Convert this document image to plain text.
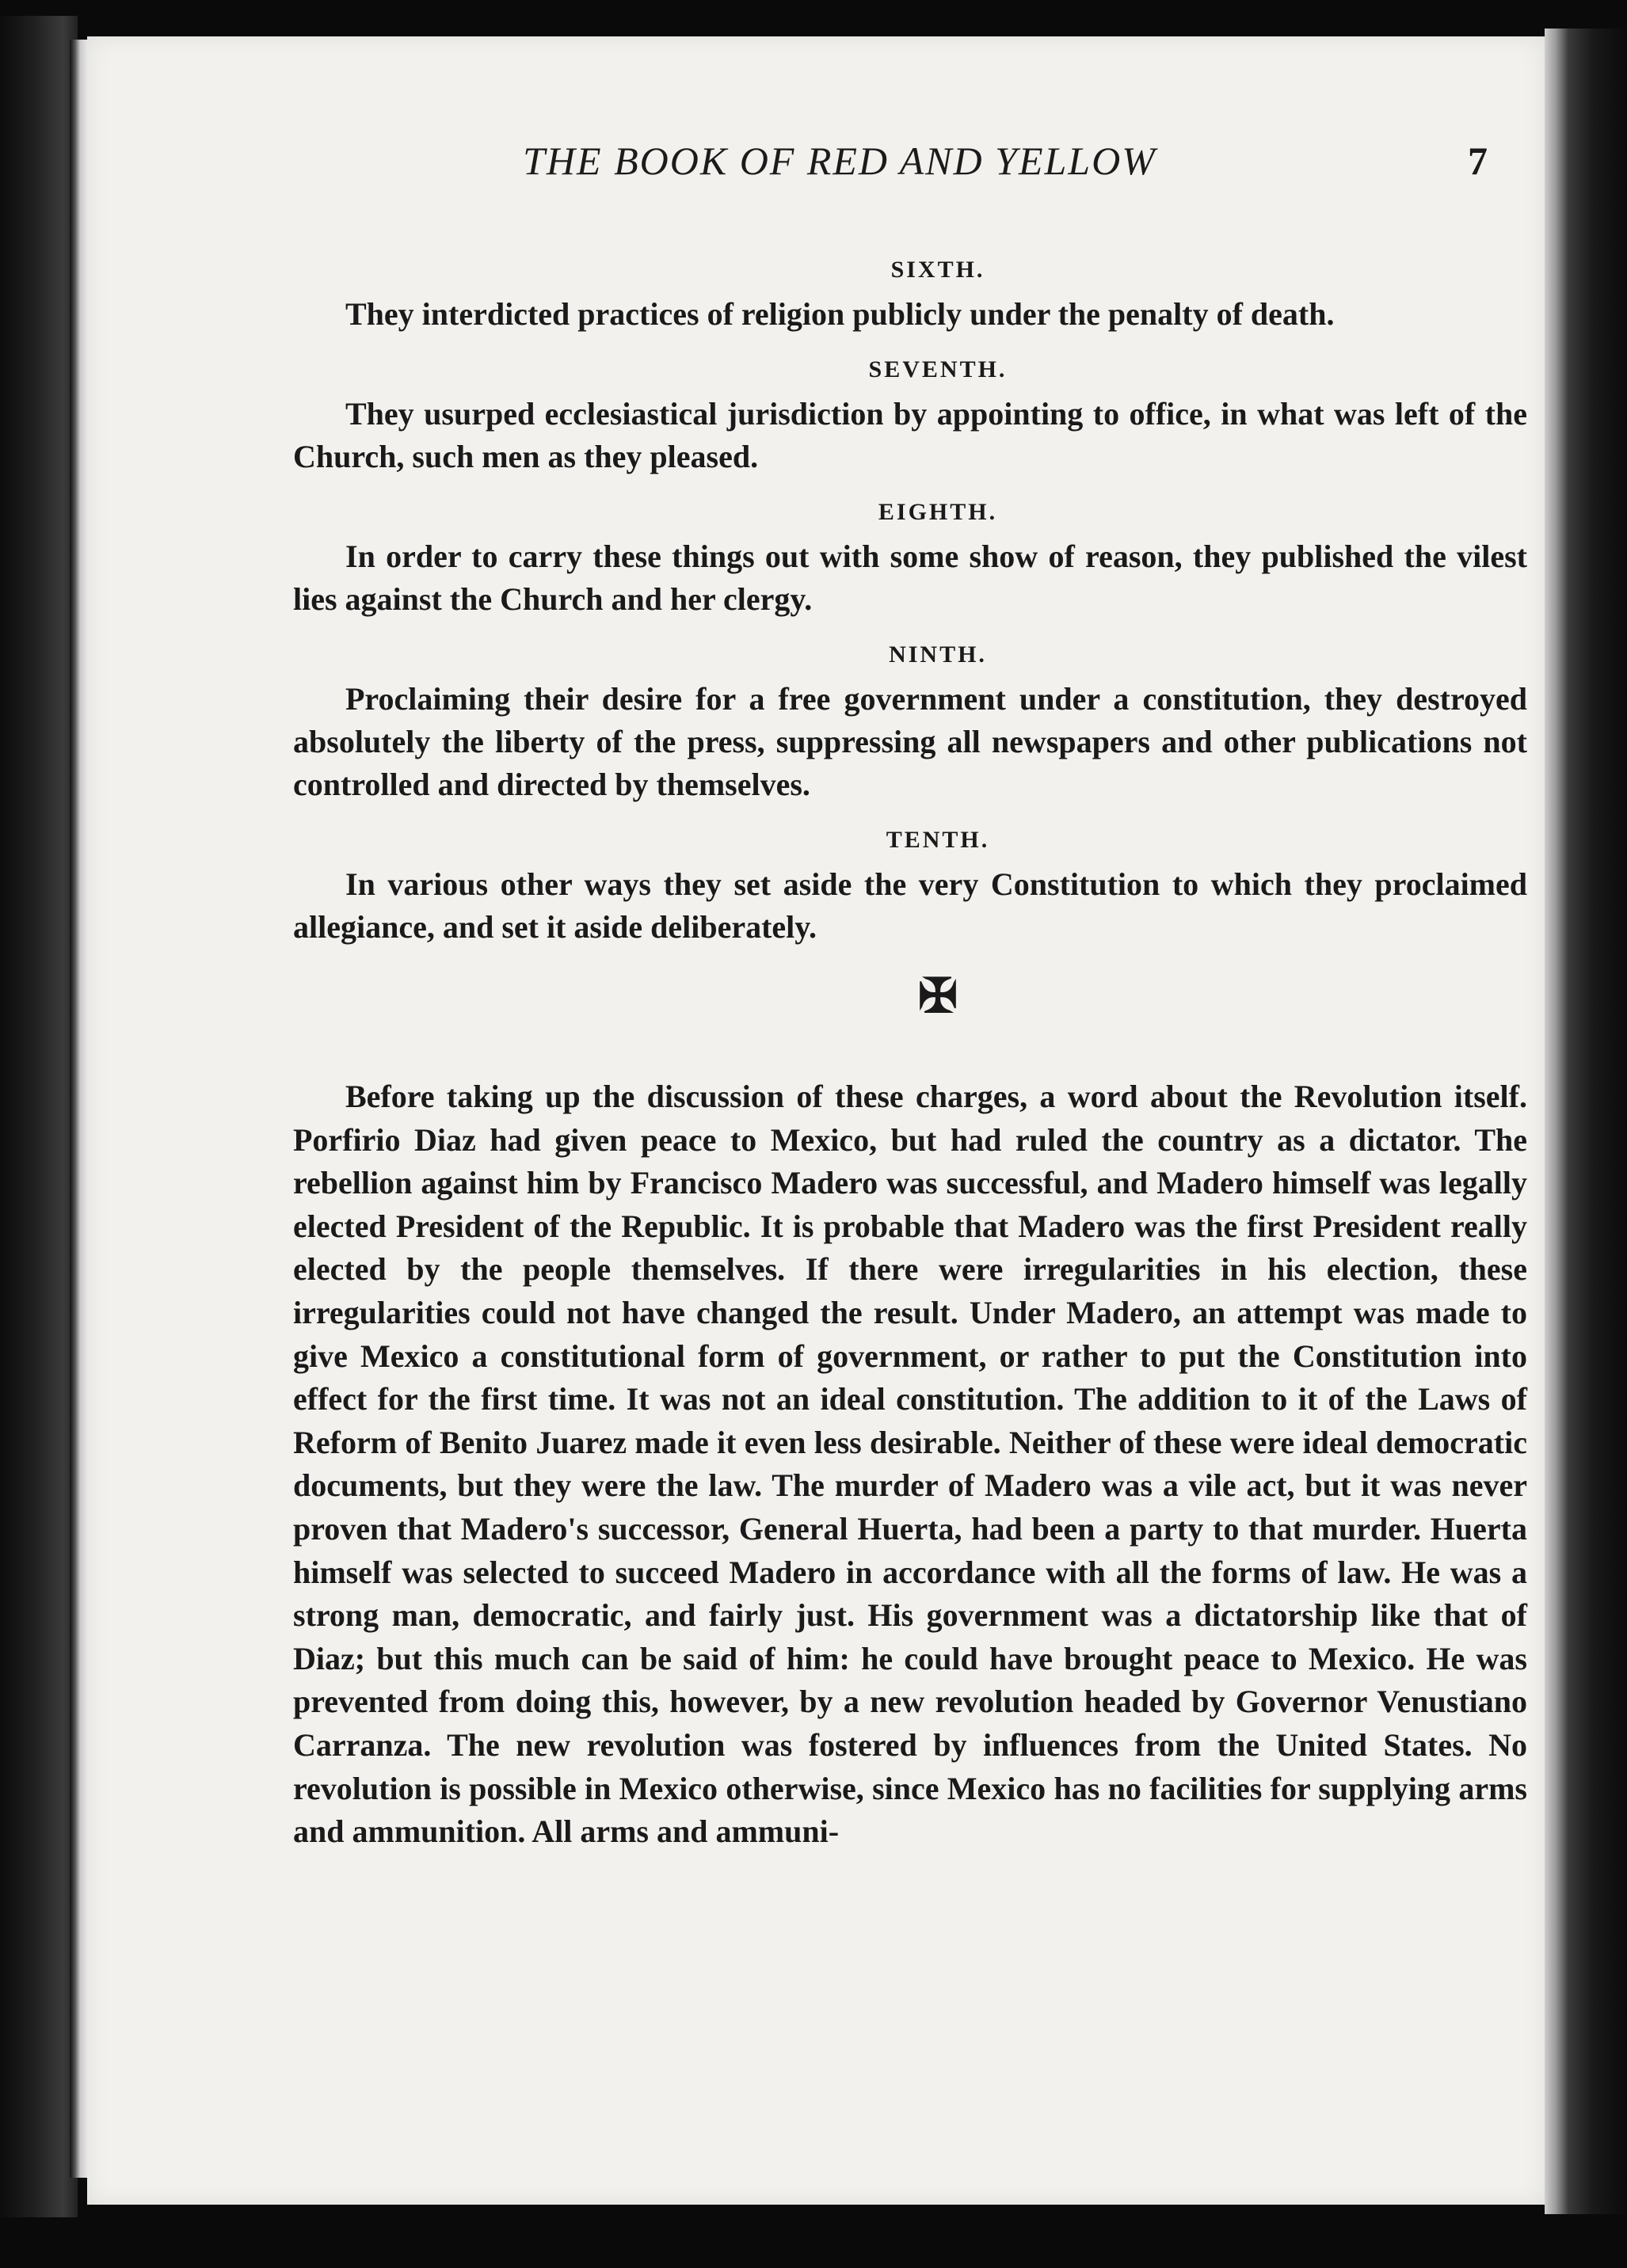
THE BOOK OF RED AND YELLOW	7
SIXTH.

They interdicted practices of religion publicly under the penalty of death.

SEVENTH.

They usurped ecclesiastical jurisdiction by appointing to office, in what was left of the Church, such men as they pleased.

EIGHTH.

In order to carry these things out with some show of reason, they published the vilest lies against the Church and her clergy.

NINTH.

Proclaiming their desire for a free government under a constitution, they destroyed absolutely the liberty of the press, suppressing all newspapers and other publications not controlled and directed by themselves.

TENTH.

In various other ways they set aside the very Constitution to which they proclaimed allegiance, and set it aside deliberately.

✠

Before taking up the discussion of these charges, a word about the Revolution itself. Porfirio Diaz had given peace to Mexico, but had ruled the country as a dictator. The rebellion against him by Francisco Madero was successful, and Madero himself was legally elected President of the Republic. It is probable that Madero was the first President really elected by the people themselves. If there were irregularities in his election, these irregularities could not have changed the result. Under Madero, an attempt was made to give Mexico a constitutional form of government, or rather to put the Constitution into effect for the first time. It was not an ideal constitution. The addition to it of the Laws of Reform of Benito Juarez made it even less desirable. Neither of these were ideal democratic documents, but they were the law. The murder of Madero was a vile act, but it was never proven that Madero's successor, General Huerta, had been a party to that murder. Huerta himself was selected to succeed Madero in accordance with all the forms of law. He was a strong man, democratic, and fairly just. His government was a dictatorship like that of Diaz; but this much can be said of him: he could have brought peace to Mexico. He was prevented from doing this, however, by a new revolution headed by Governor Venustiano Carranza. The new revolution was fostered by influences from the United States. No revolution is possible in Mexico otherwise, since Mexico has no facilities for supplying arms and ammunition. All arms and ammuni-
